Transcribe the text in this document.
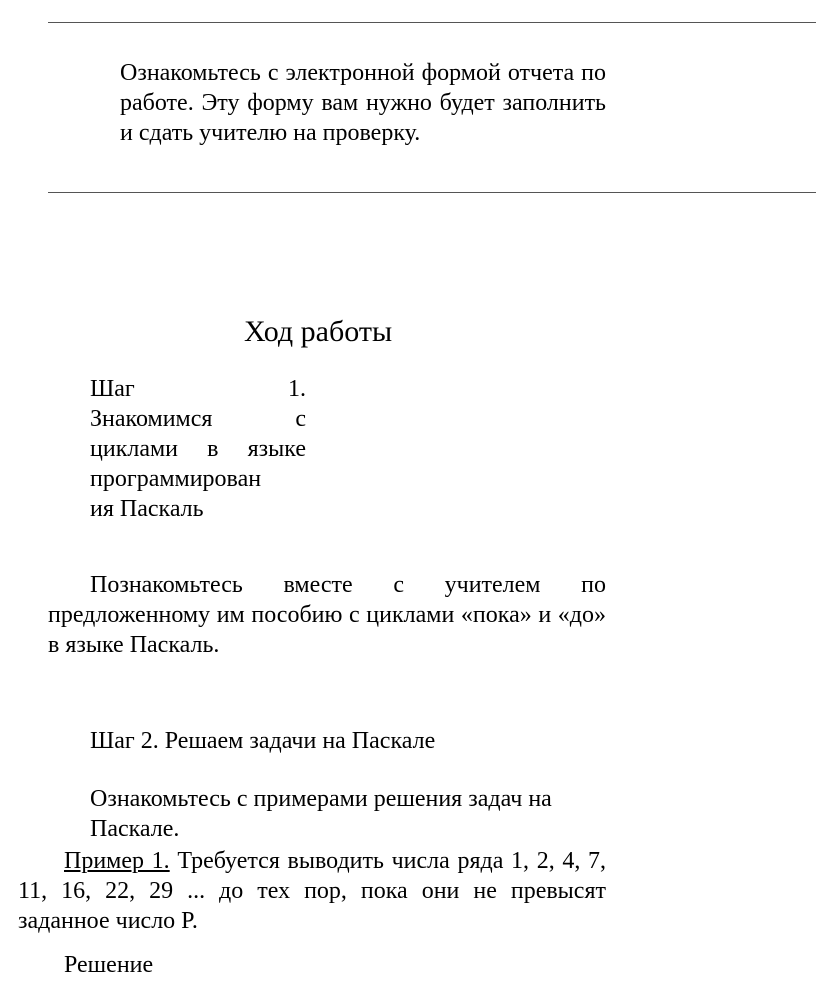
Ознакомьтесь с электронной формой отчета по работе. Эту форму вам нужно будет заполнить и сдать учителю на проверку.

Ход работы
Шаг 1.
Знакомимся с
циклами в языке
программирован
ия Паскаль

Познакомьтесь вместе с учителем по предложенному им пособию с циклами «пока» и «до» в языке Паскаль.

Шаг 2. Решаем задачи на Паскале

Ознакомьтесь с примерами решения задач на Паскале.

Пример 1. Требуется выводить числа ряда 1, 2, 4, 7, 11, 16, 22, 29 ... до тех пор, пока они не превысят заданное число P.

Решение
